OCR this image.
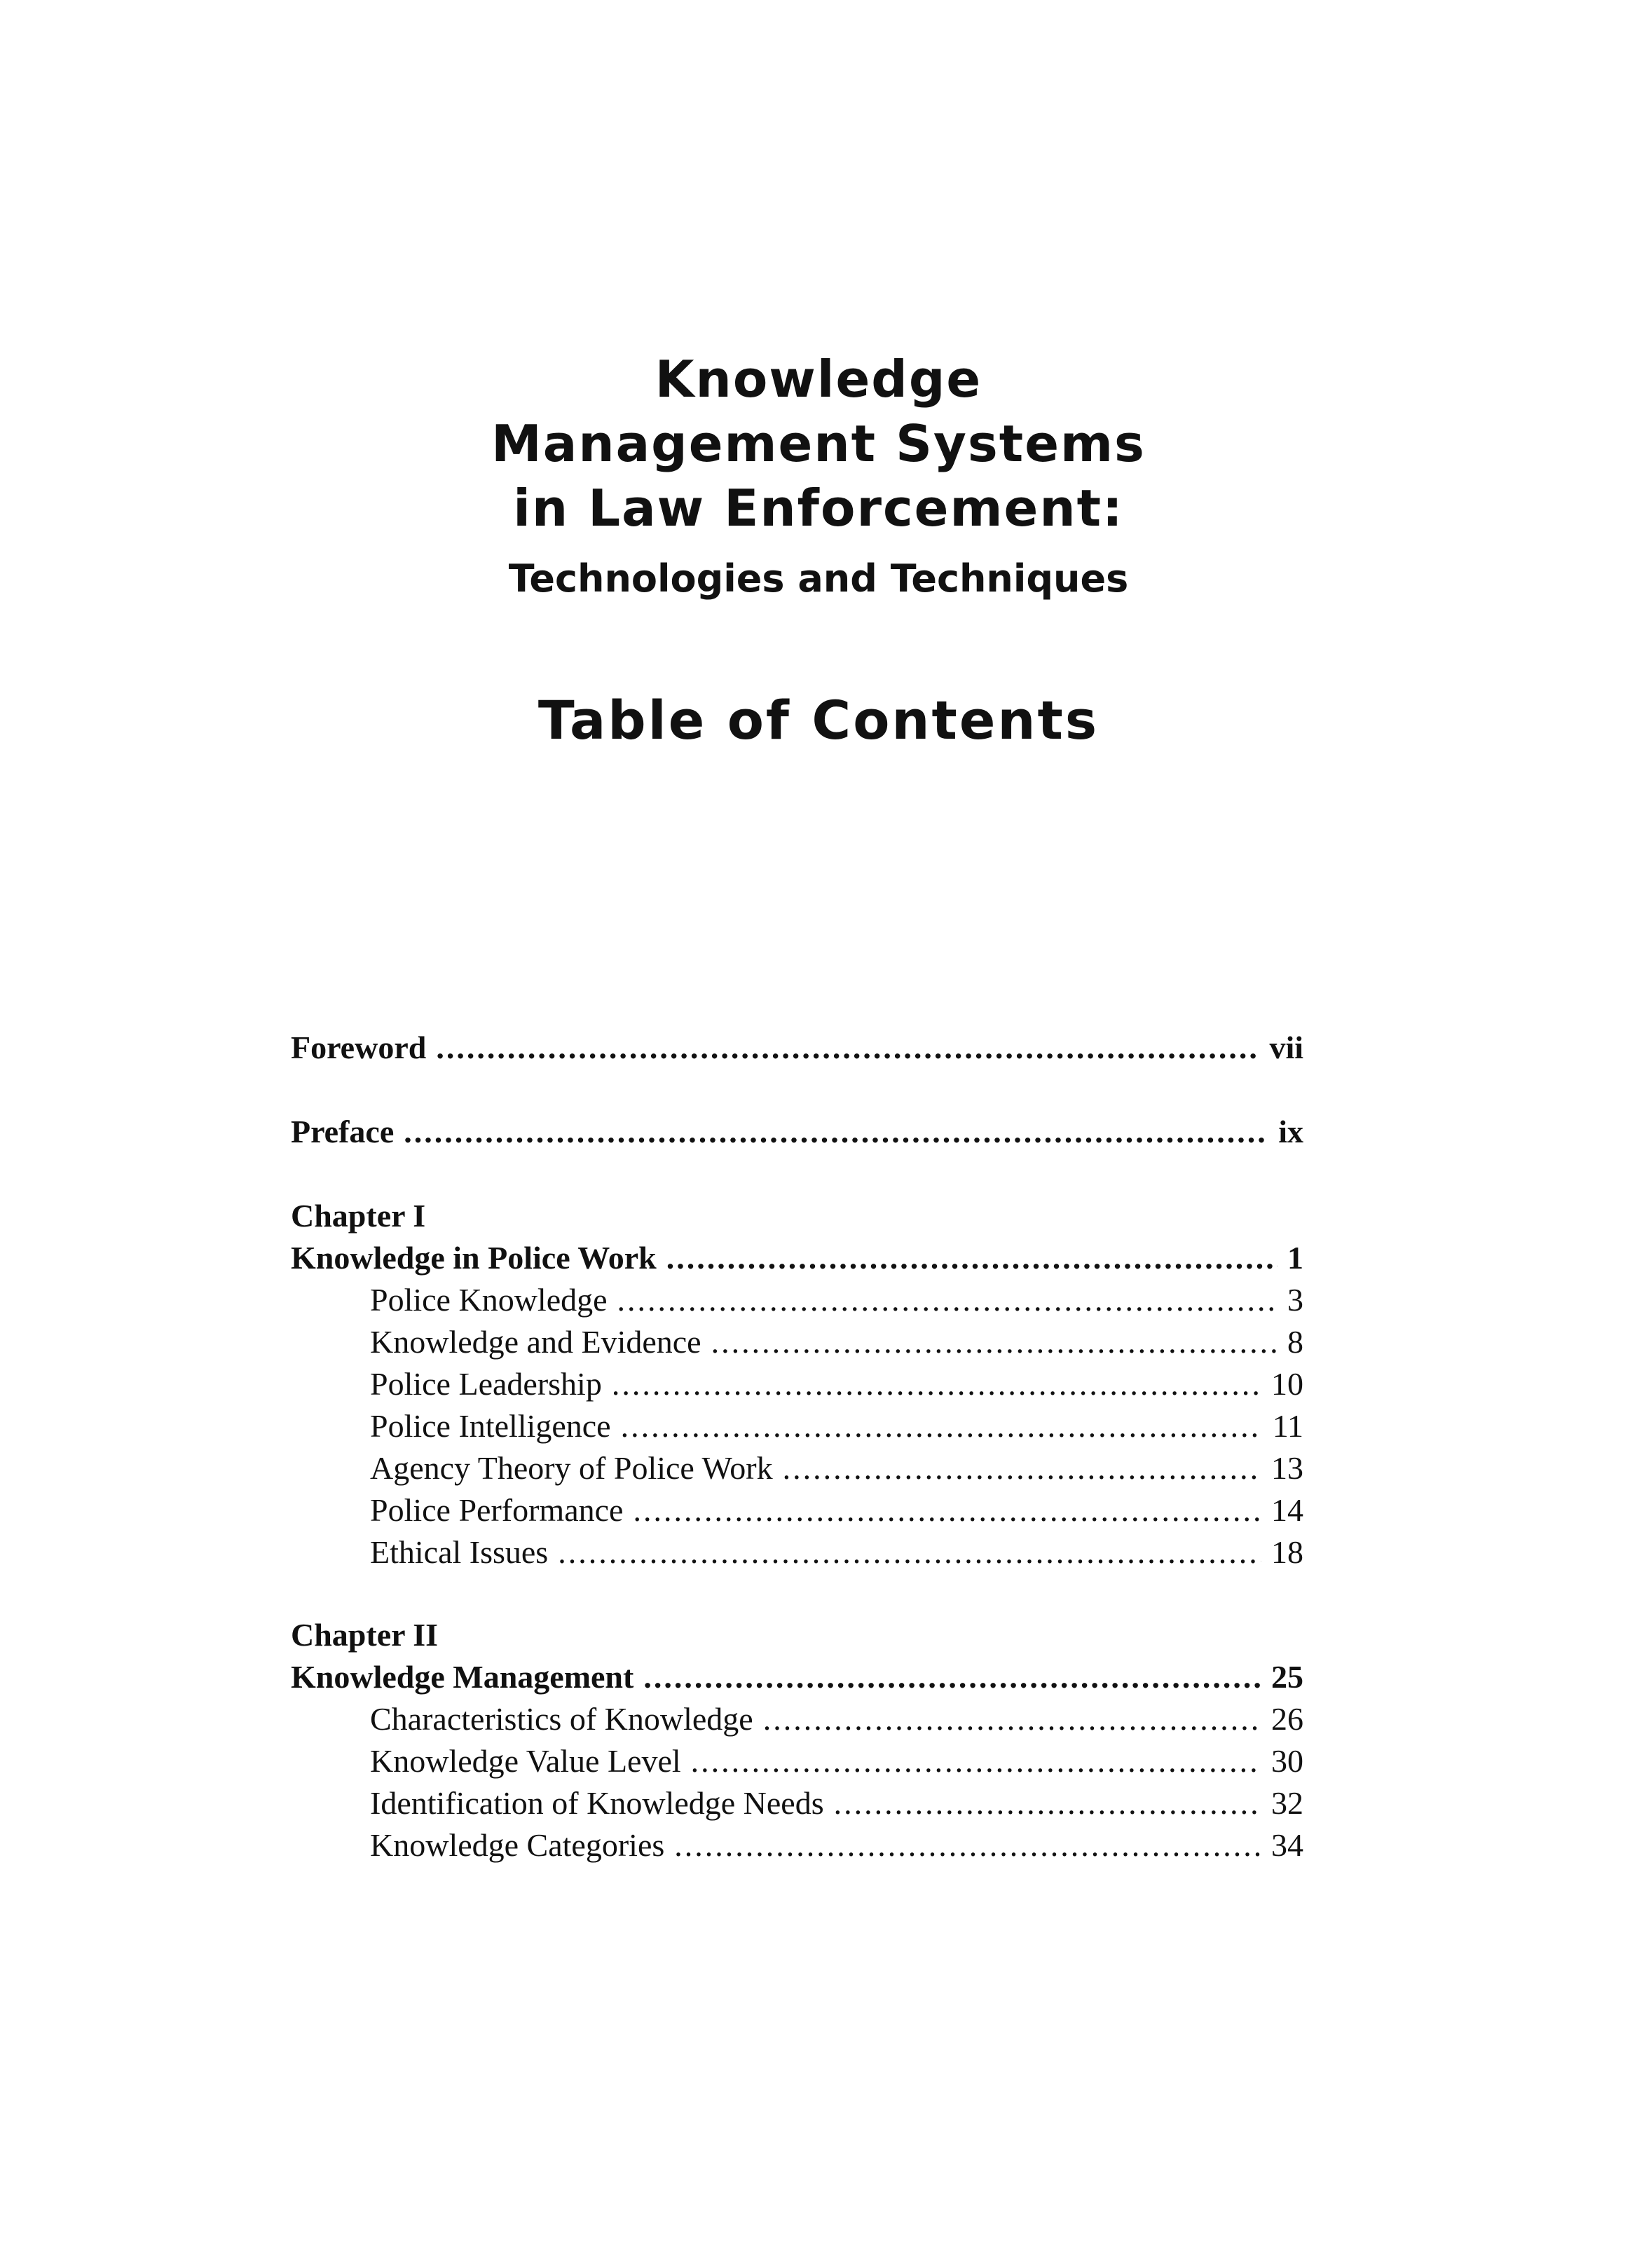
Knowledge
Management Systems
in Law Enforcement:
Technologies and Techniques
Table of Contents
Foreword .....	vii
Preface .....	ix
Chapter I
Knowledge in Police Work .....	1
Police Knowledge .....	3
Knowledge and Evidence .....	8
Police Leadership .....	10
Police Intelligence .....	11
Agency Theory of Police Work .....	13
Police Performance .....	14
Ethical Issues .....	18
Chapter II
Knowledge Management .....	25
Characteristics of Knowledge .....	26
Knowledge Value Level .....	30
Identification of Knowledge Needs .....	32
Knowledge Categories .....	34
